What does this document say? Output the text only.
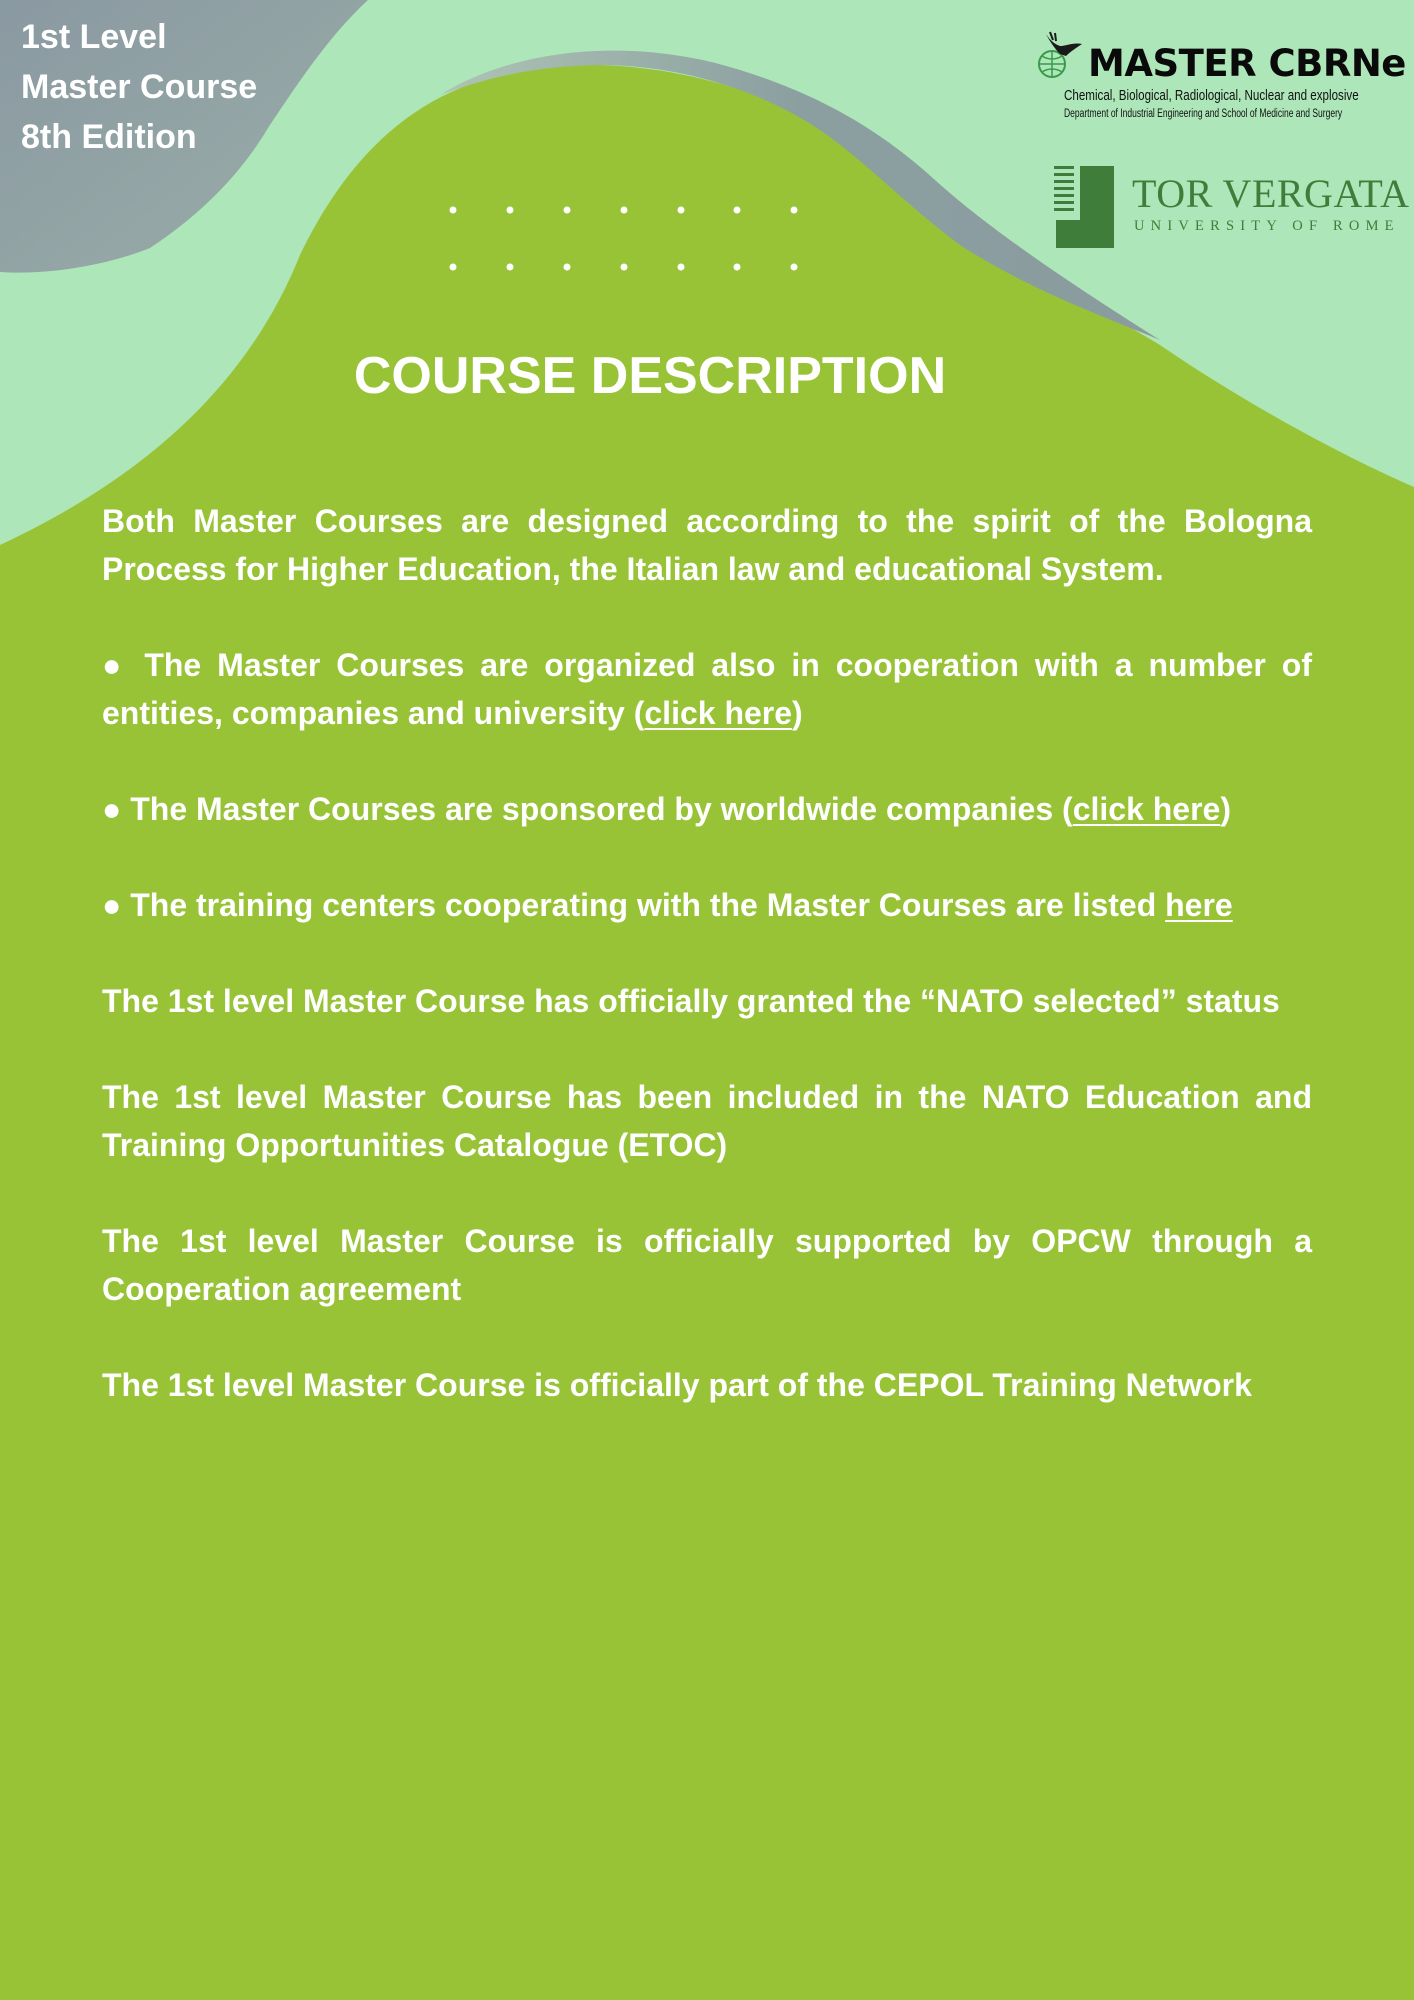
1st Level
Master Course
8th Edition
MASTER CBRNe
Chemical, Biological, Radiological, Nuclear and explosive
Department of Industrial Engineering and School of Medicine and Surgery
TOR VERGATA
UNIVERSITY OF ROME
COURSE DESCRIPTION

Both Master Courses are designed according to the spirit of the Bologna Process for Higher Education, the Italian law and educational System.

● The Master Courses are organized also in cooperation with a number of entities, companies and university (click here)

● The Master Courses are sponsored by worldwide companies (click here)

● The training centers cooperating with the Master Courses are listed here

The 1st level Master Course has officially granted the “NATO selected” status

The 1st level Master Course has been included in the NATO Education and Training Opportunities Catalogue (ETOC)

The 1st level Master Course is officially supported by OPCW through a Cooperation agreement

The 1st level Master Course is officially part of the CEPOL Training Network
